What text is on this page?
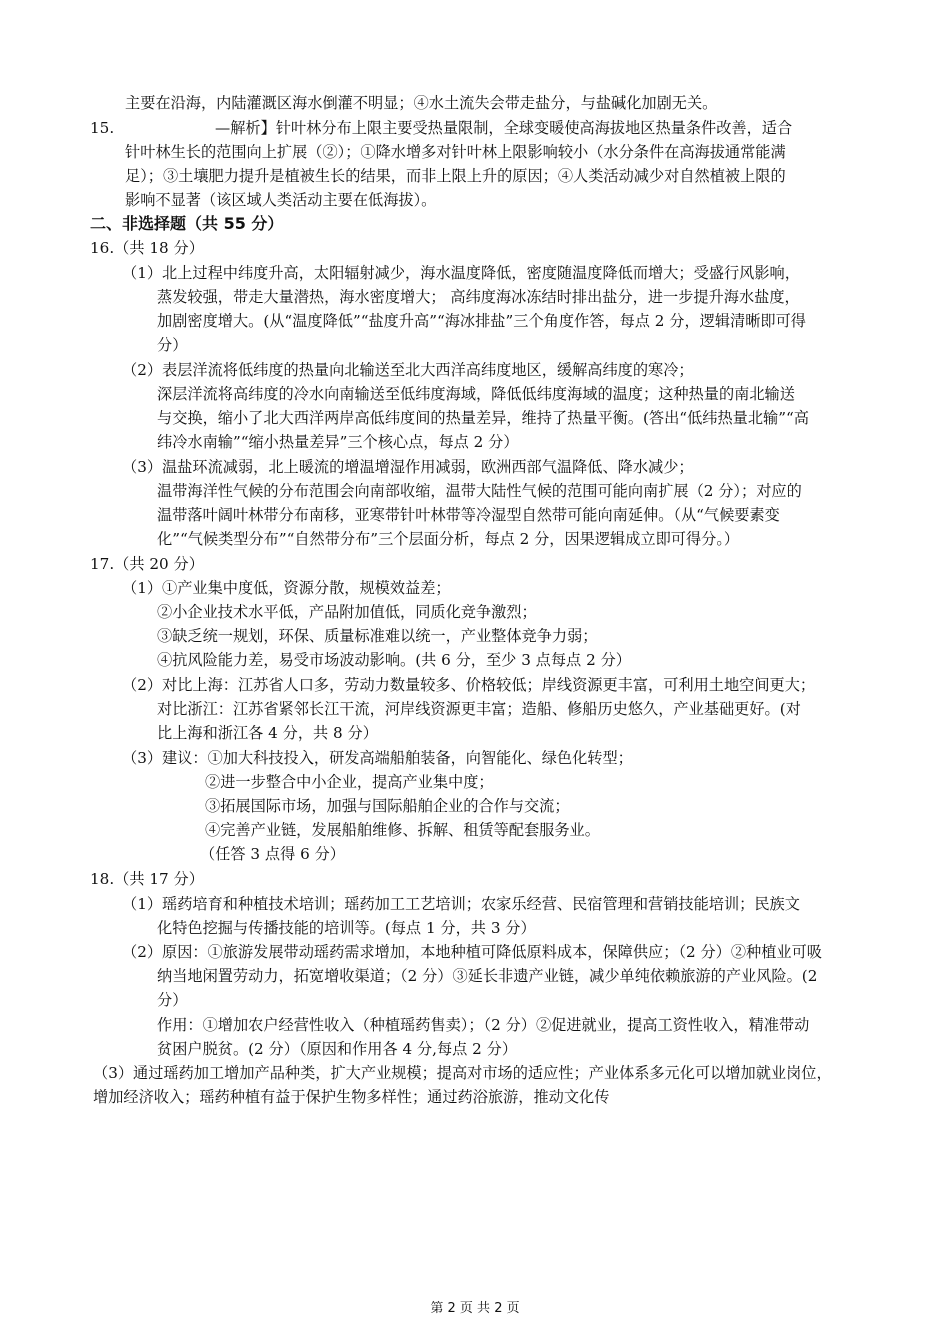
主要在沿海，内陆灌溉区海水倒灌不明显；④水土流失会带走盐分，与盐碱化加剧无关。
15.	—解析】针叶林分布上限主要受热量限制，全球变暖使高海拔地区热量条件改善，适合
针叶林生长的范围向上扩展（②）；①降水增多对针叶林上限影响较小（水分条件在高海拔通常能满
足）；③土壤肥力提升是植被生长的结果，而非上限上升的原因；④人类活动减少对自然植被上限的
影响不显著（该区域人类活动主要在低海拔）。
二、非选择题（共 55 分）
16.（共 18 分）
（1）北上过程中纬度升高，太阳辐射减少，海水温度降低，密度随温度降低而增大；受盛行风影响，
蒸发较强，带走大量潜热，海水密度增大； 高纬度海冰冻结时排出盐分，进一步提升海水盐度，
加剧密度增大。(从“温度降低”“盐度升高”“海冰排盐”三个角度作答，每点 2 分，逻辑清晰即可得
分）
（2）表层洋流将低纬度的热量向北输送至北大西洋高纬度地区，缓解高纬度的寒冷；
深层洋流将高纬度的冷水向南输送至低纬度海域，降低低纬度海域的温度；这种热量的南北输送
与交换，缩小了北大西洋两岸高低纬度间的热量差异，维持了热量平衡。(答出“低纬热量北输”“高
纬冷水南输”“缩小热量差异”三个核心点，每点 2 分）
（3）温盐环流减弱，北上暖流的增温增湿作用减弱，欧洲西部气温降低、降水减少；
温带海洋性气候的分布范围会向南部收缩，温带大陆性气候的范围可能向南扩展（2 分）；对应的
温带落叶阔叶林带分布南移，亚寒带针叶林带等冷湿型自然带可能向南延伸。（从“气候要素变
化”“气候类型分布”“自然带分布”三个层面分析，每点 2 分，因果逻辑成立即可得分。）
17.（共 20 分）
（1）①产业集中度低，资源分散，规模效益差；
②小企业技术水平低，产品附加值低，同质化竞争激烈；
③缺乏统一规划，环保、质量标准难以统一，产业整体竞争力弱；
④抗风险能力差，易受市场波动影响。(共 6 分，至少 3 点每点 2 分）
（2）对比上海：江苏省人口多，劳动力数量较多、价格较低；岸线资源更丰富，可利用土地空间更大；
对比浙江：江苏省紧邻长江干流，河岸线资源更丰富；造船、修船历史悠久，产业基础更好。(对
比上海和浙江各 4 分，共 8 分）
（3）建议：①加大科技投入，研发高端船舶装备，向智能化、绿色化转型；
②进一步整合中小企业，提高产业集中度；
③拓展国际市场，加强与国际船舶企业的合作与交流；
④完善产业链，发展船舶维修、拆解、租赁等配套服务业。
（任答 3 点得 6 分）
18.（共 17 分）
（1）瑶药培育和种植技术培训；瑶药加工工艺培训；农家乐经营、民宿管理和营销技能培训；民族文
化特色挖掘与传播技能的培训等。(每点 1 分，共 3 分）
（2）原因：①旅游发展带动瑶药需求增加，本地种植可降低原料成本，保障供应；（2 分）②种植业可吸
纳当地闲置劳动力，拓宽增收渠道；（2 分）③延长非遗产业链，减少单纯依赖旅游的产业风险。(2
分）
作用：①增加农户经营性收入（种植瑶药售卖）；（2 分）②促进就业，提高工资性收入，精准带动
贫困户脱贫。(2 分）（原因和作用各 4 分,每点 2 分）
（3）通过瑶药加工增加产品种类，扩大产业规模；提高对市场的适应性；产业体系多元化可以增加就业岗位，
增加经济收入；瑶药种植有益于保护生物多样性；通过药浴旅游，推动文化传
第 2 页 共 2 页
